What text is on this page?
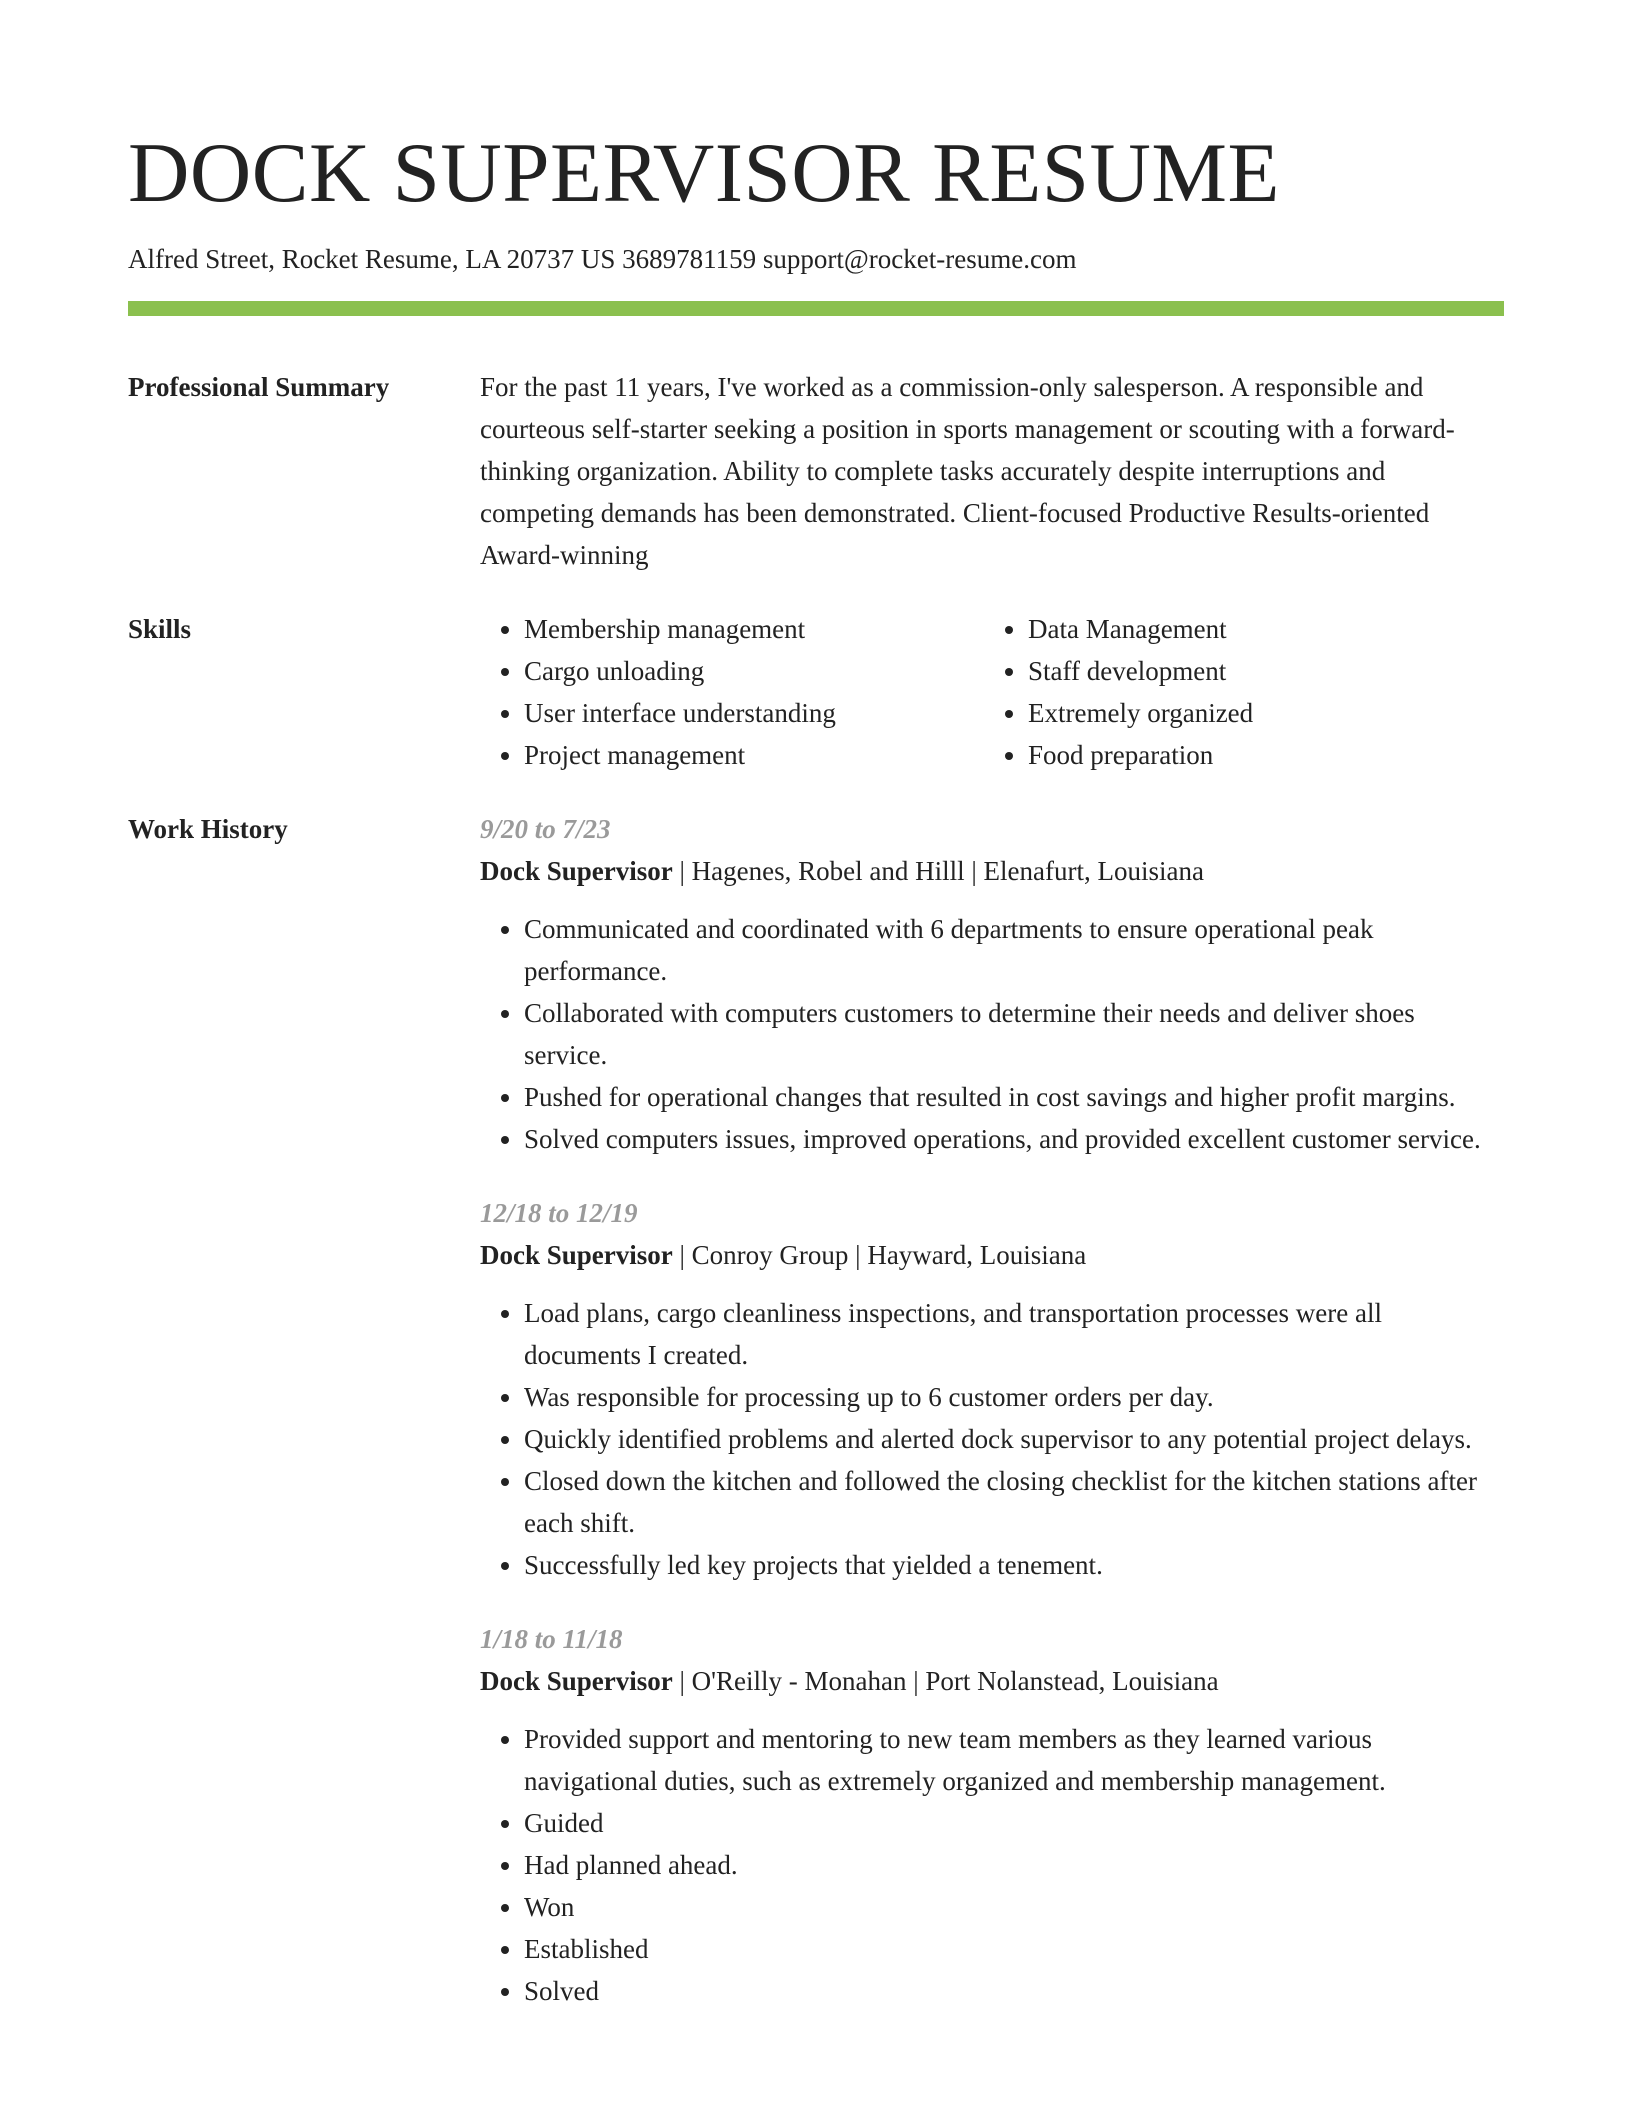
DOCK SUPERVISOR RESUME
Alfred Street, Rocket Resume, LA 20737 US 3689781159 support@rocket-resume.com
Professional Summary	For the past 11 years, I've worked as a commission-only salesperson. A responsible and courteous self-starter seeking a position in sports management or scouting with a forward-thinking organization. Ability to complete tasks accurately despite interruptions and competing demands has been demonstrated. Client-focused Productive Results-oriented Award-winning

Skills
•	Membership management
• Cargo unloading
• User interface understanding
• Project management
• Data Management
• Staff development
• Extremely organized
• Food preparation
Work History	9/20 to 7/23
Dock Supervisor | Hagenes, Robel and Hilll | Elenafurt, Louisiana
• Communicated and coordinated with 6 departments to ensure operational peak performance.
• Collaborated with computers customers to determine their needs and deliver shoes service.
• Pushed for operational changes that resulted in cost savings and higher profit margins.
• Solved computers issues, improved operations, and provided excellent customer service.
12/18 to 12/19
Dock Supervisor | Conroy Group | Hayward, Louisiana
• Load plans, cargo cleanliness inspections, and transportation processes were all documents I created.
• Was responsible for processing up to 6 customer orders per day.
• Quickly identified problems and alerted dock supervisor to any potential project delays.
• Closed down the kitchen and followed the closing checklist for the kitchen stations after each shift.
• Successfully led key projects that yielded a tenement.
1/18 to 11/18
Dock Supervisor | O'Reilly - Monahan | Port Nolanstead, Louisiana
• Provided support and mentoring to new team members as they learned various navigational duties, such as extremely organized and membership management.
• Guided
• Had planned ahead.
• Won
• Established
• Solved
